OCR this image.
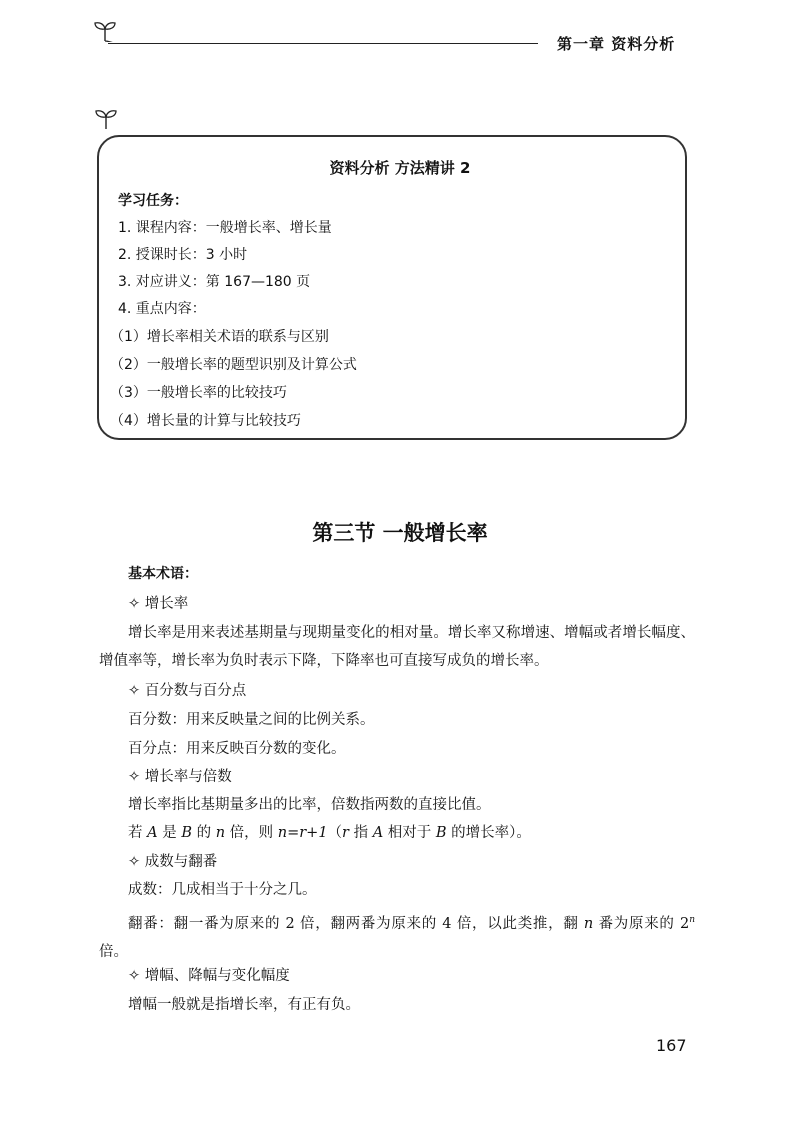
第一章 资料分析
资料分析 方法精讲 2
学习任务：
1. 课程内容：一般增长率、增长量
2. 授课时长：3 小时
3. 对应讲义：第 167—180 页
4. 重点内容：
（1）增长率相关术语的联系与区别
（2）一般增长率的题型识别及计算公式
（3）一般增长率的比较技巧
（4）增长量的计算与比较技巧
第三节 一般增长率
基本术语：
✧ 增长率
增长率是用来表述基期量与现期量变化的相对量。增长率又称增速、增幅或者增长幅度、增值率等，增长率为负时表示下降，下降率也可直接写成负的增长率。
✧ 百分数与百分点
百分数：用来反映量之间的比例关系。
百分点：用来反映百分数的变化。
✧ 增长率与倍数
增长率指比基期量多出的比率，倍数指两数的直接比值。
若 A 是 B 的 n 倍，则 n=r+1（r 指 A 相对于 B 的增长率）。
✧ 成数与翻番
成数：几成相当于十分之几。
翻番：翻一番为原来的 2 倍，翻两番为原来的 4 倍，以此类推，翻 n 番为原来的 2$^n$ 倍。
✧ 增幅、降幅与变化幅度
增幅一般就是指增长率，有正有负。
167
